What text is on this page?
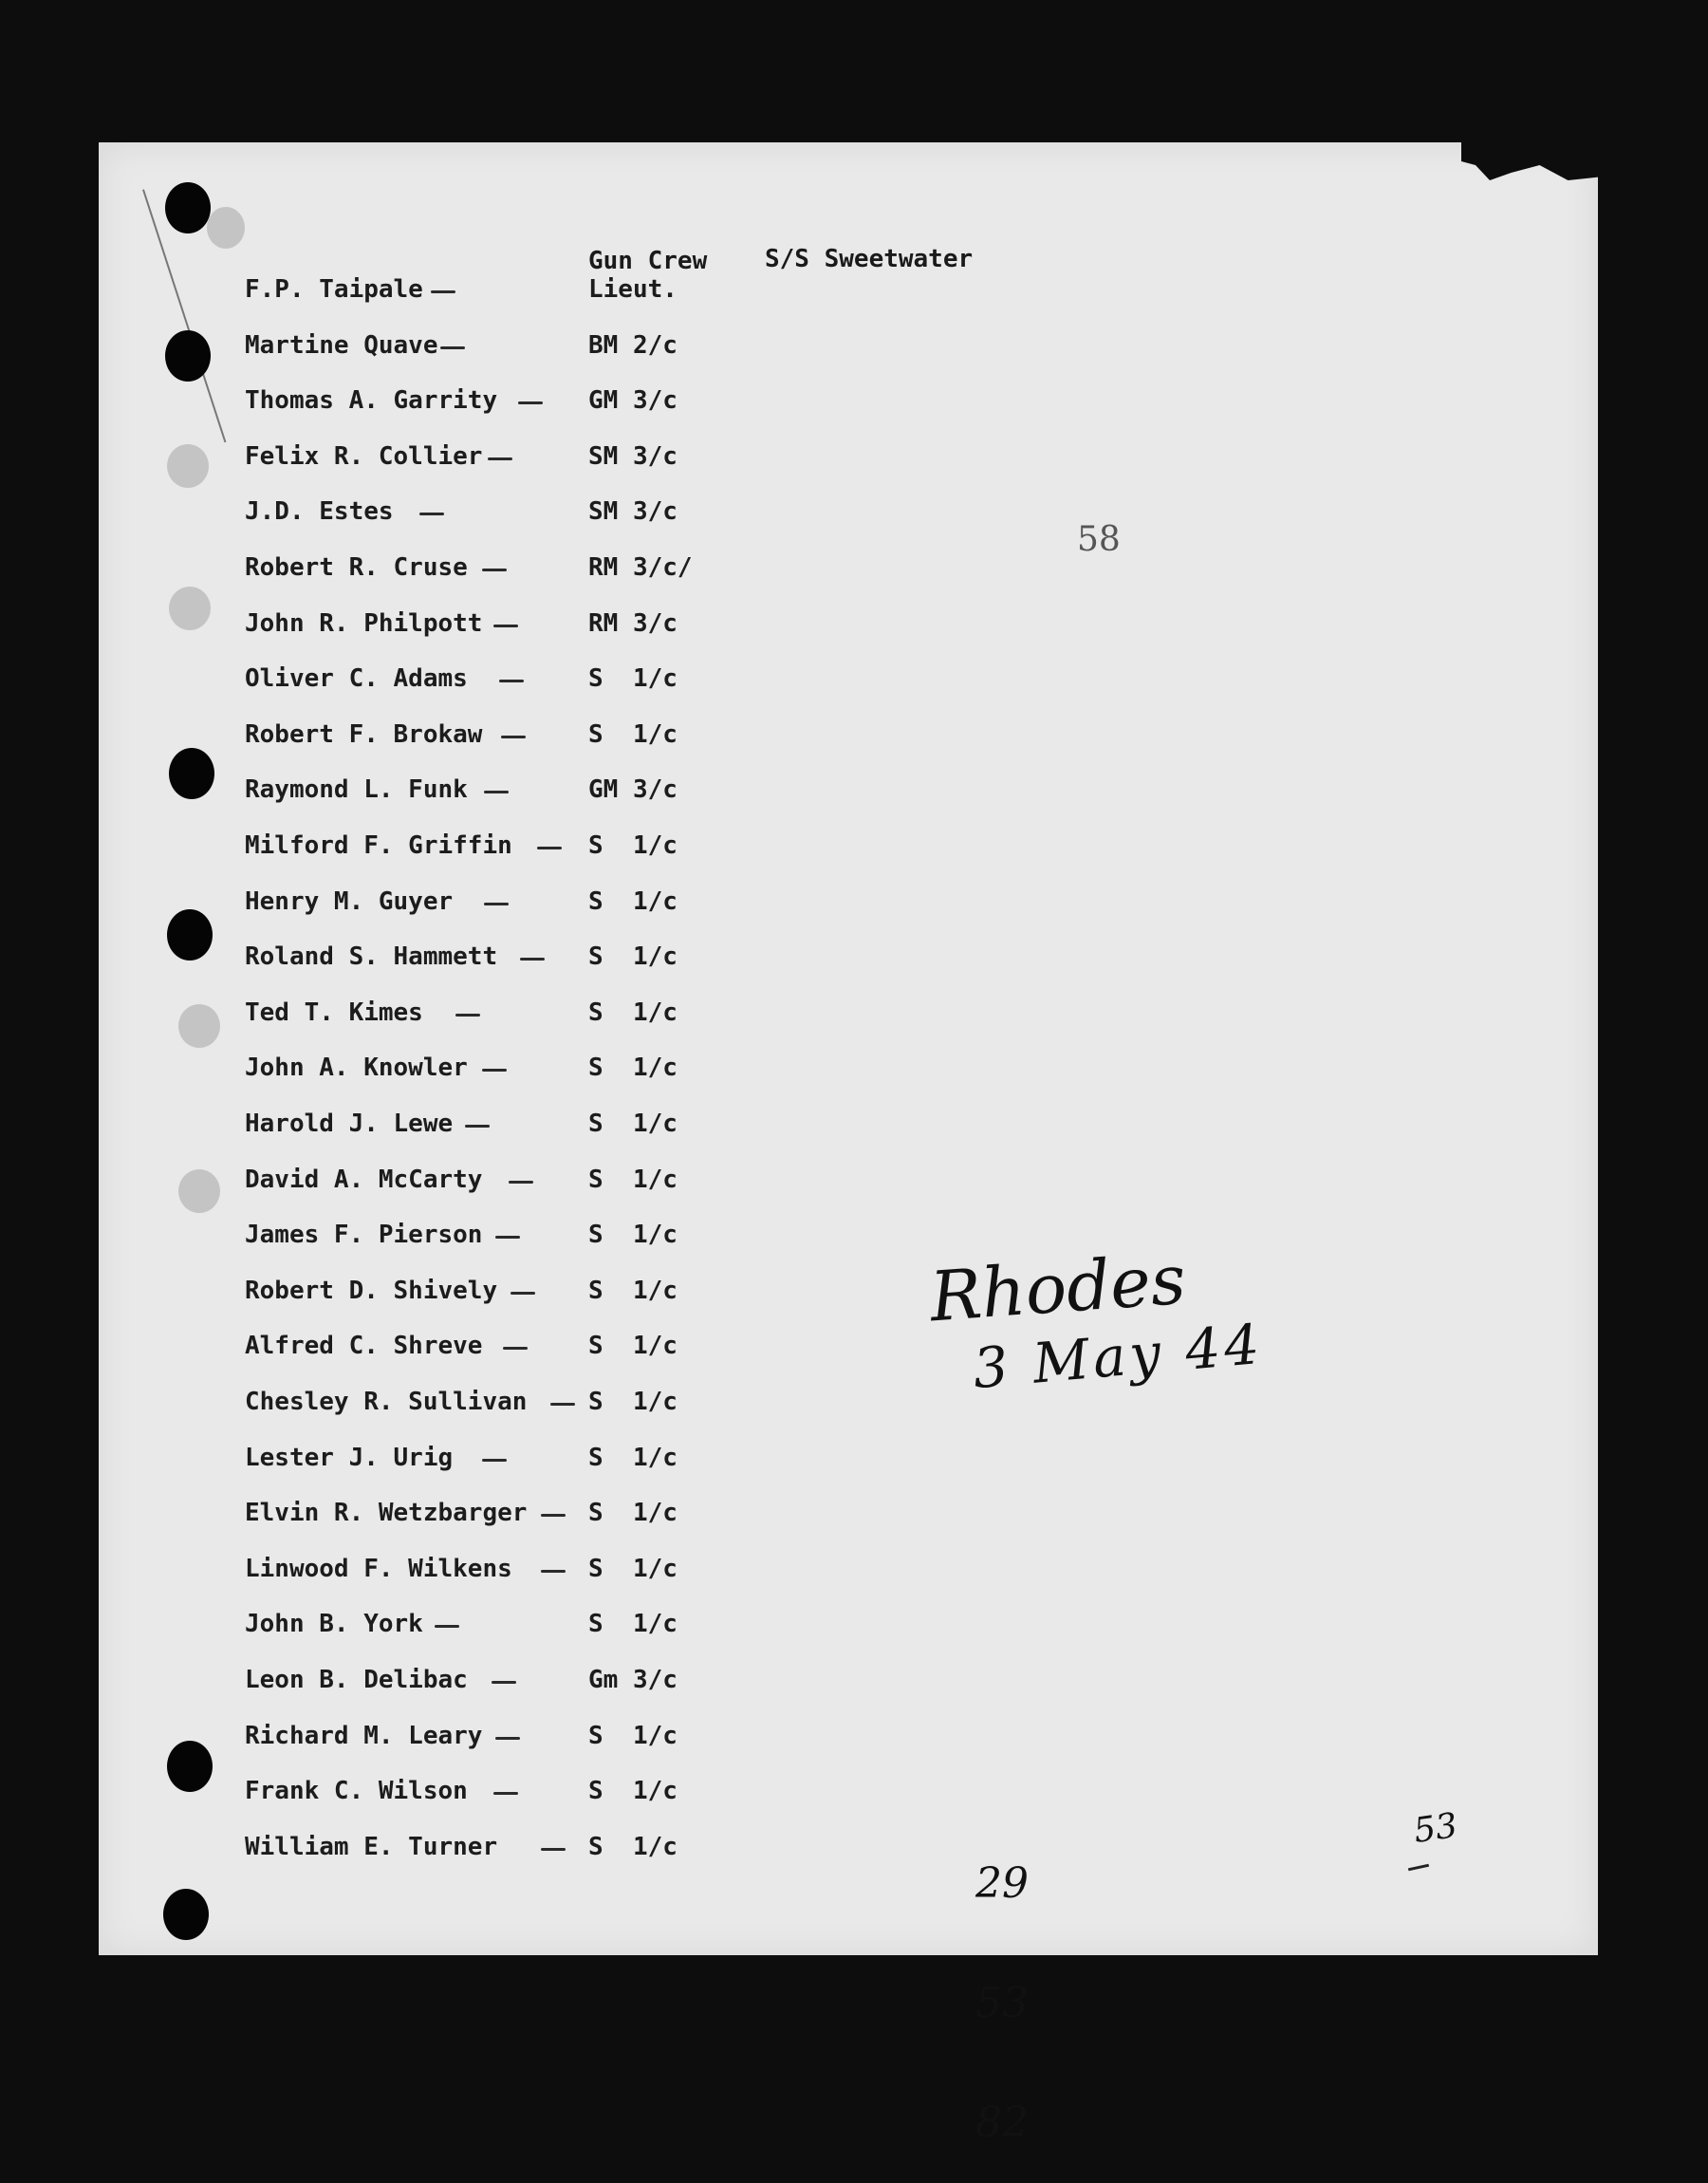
Gun Crew S/S Sweetwater
58
F.P. Taipale	Lieut.
Martine Quave	BM 2/c
Thomas A. Garrity	GM 3/c
Felix R. Collier	SM 3/c
J.D. Estes	SM 3/c
Robert R. Cruse	RM 3/c/
John R. Philpott	RM 3/c
Oliver C. Adams	S  1/c
Robert F. Brokaw	S  1/c
Raymond L. Funk	GM 3/c
Milford F. Griffin	S  1/c
Henry M. Guyer	S  1/c
Roland S. Hammett	S  1/c
Ted T. Kimes	S  1/c
John A. Knowler	S  1/c
Harold J. Lewe	S  1/c
David A. McCarty	S  1/c
James F. Pierson	S  1/c
Robert D. Shively	S  1/c
Alfred C. Shreve	S  1/c
Chesley R. Sullivan S  1/c
Lester J. Urig	S  1/c
Elvin R. Wetzbarger S  1/c
Linwood F. Wilkens	S  1/c
John B. York	S  1/c
Leon B. Delibac	Gm 3/c
Richard M. Leary	S  1/c
Frank C. Wilson	S  1/c
William E. Turner	S  1/c
Rhodes
3 May 44

29

53

82

53
